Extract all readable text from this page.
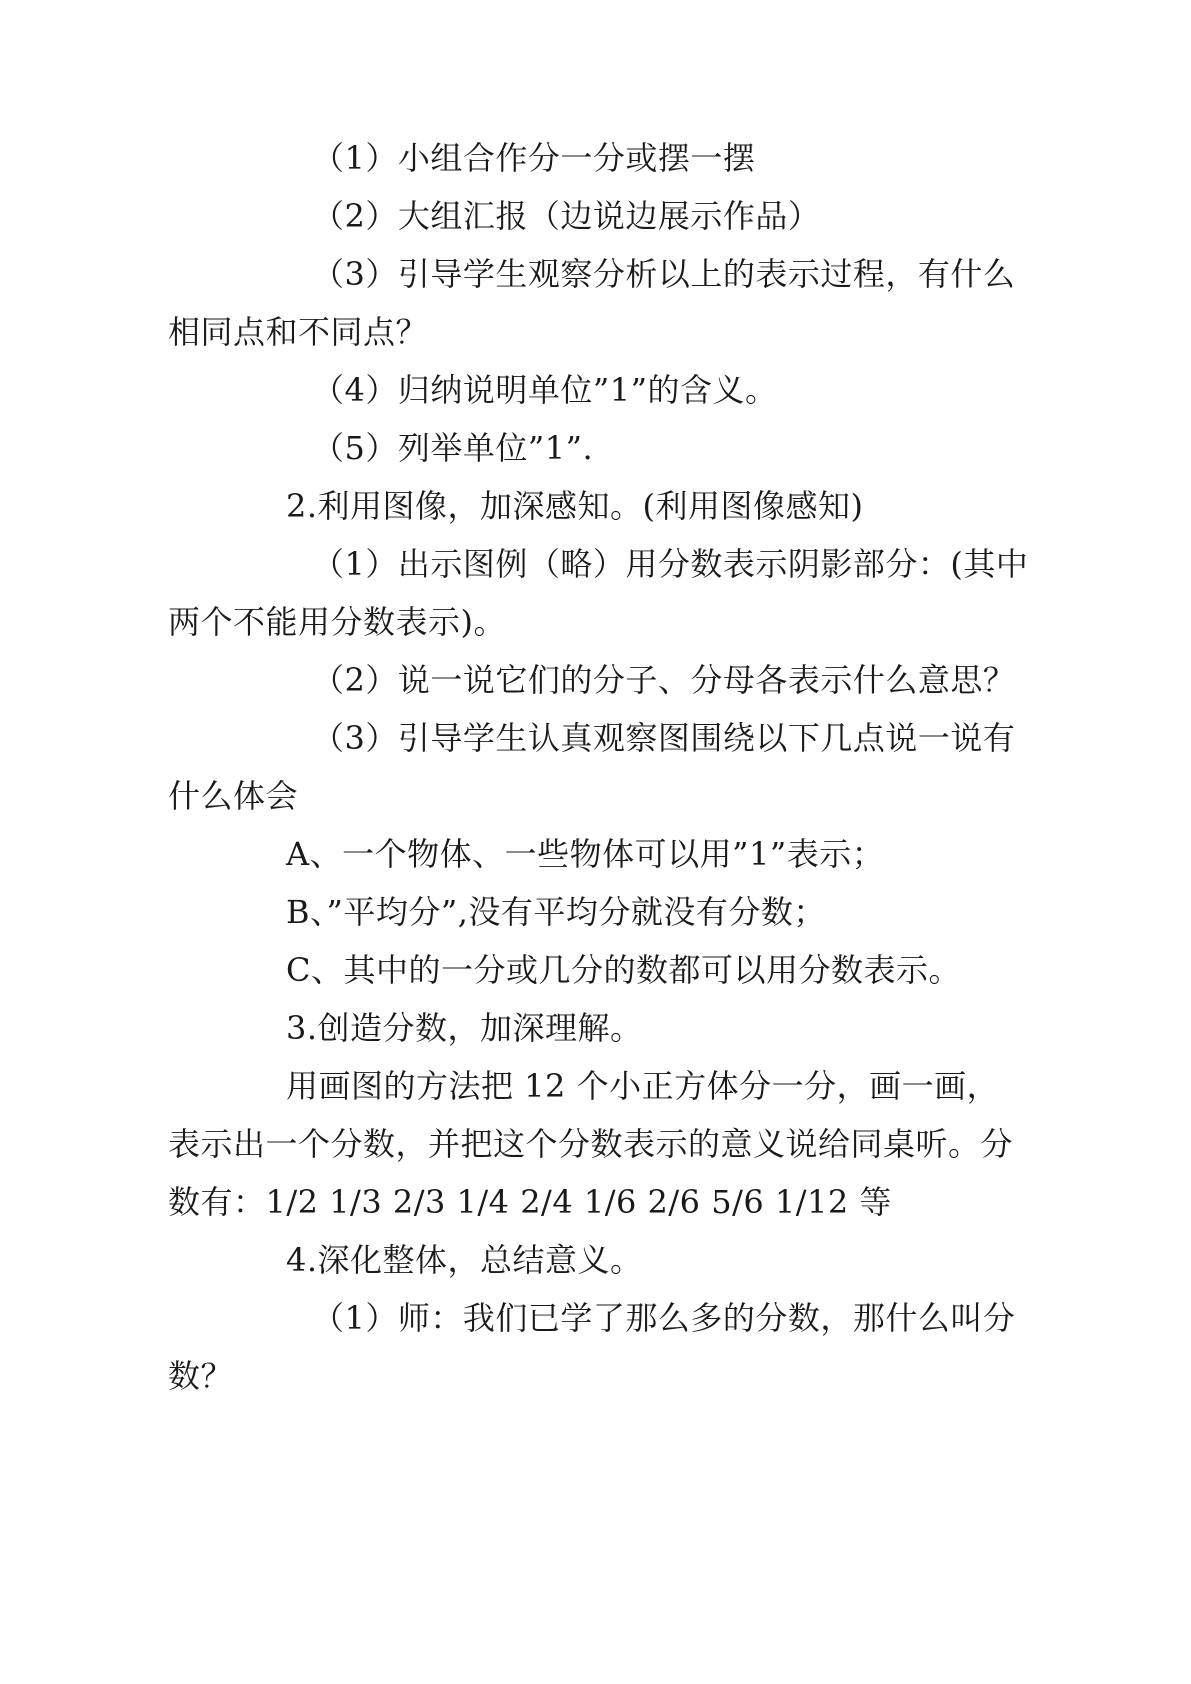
（1）小组合作分一分或摆一摆
（2）大组汇报（边说边展示作品）
（3）引导学生观察分析以上的表示过程，有什么
相同点和不同点？
（4）归纳说明单位”1”的含义。
（5）列举单位”1”.
2.利用图像，加深感知。(利用图像感知)
（1）出示图例（略）用分数表示阴影部分：(其中
两个不能用分数表示)。
（2）说一说它们的分子、分母各表示什么意思？
（3）引导学生认真观察图围绕以下几点说一说有
什么体会
A、一个物体、一些物体可以用”1”表示；
B、”平均分”,没有平均分就没有分数；
C、其中的一分或几分的数都可以用分数表示。
3.创造分数，加深理解。
用画图的方法把 12 个小正方体分一分，画一画，
表示出一个分数，并把这个分数表示的意义说给同桌听。分
数有：1/2 1/3 2/3 1/4 2/4 1/6 2/6 5/6 1/12 等
4.深化整体，总结意义。
（1）师：我们已学了那么多的分数，那什么叫分
数？
